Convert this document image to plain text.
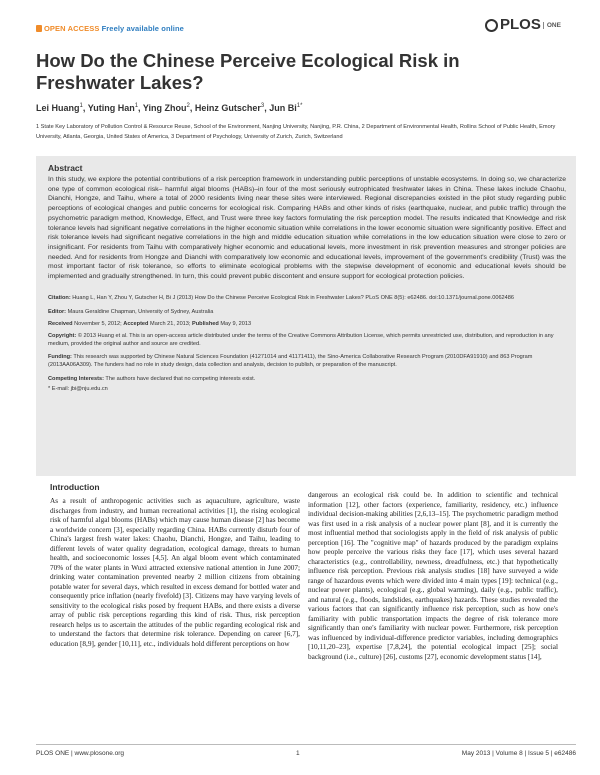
OPEN ACCESS Freely available online	PLOS ONE
How Do the Chinese Perceive Ecological Risk in Freshwater Lakes?
Lei Huang$^1$, Yuting Han$^1$, Ying Zhou$^2$, Heinz Gutscher$^3$, Jun $Bi^{1*}$
1 State Key Laboratory of Pollution Control & Resource Reuse, School of the Environment, Nanjing University, Nanjing, P.R. China, 2 Department of Environmental Health, Rollins School of Public Health, Emory University, Atlanta, Georgia, United States of America, 3 Department of Psychology, University of Zurich, Zurich, Switzerland
Abstract
In this study, we explore the potential contributions of a risk perception framework in understanding public perceptions of unstable ecosystems. In doing so, we characterize one type of common ecological risk– harmful algal blooms (HABs)–in four of the most seriously eutrophicated freshwater lakes in China. These lakes include Chaohu, Dianchi, Hongze, and Taihu, where a total of 2000 residents living near these sites were interviewed. Regional discrepancies existed in the pilot study regarding public perceptions of ecological changes and public concerns for ecological risk. Comparing HABs and other kinds of risks (earthquake, nuclear, and public traffic) through the psychometric paradigm method, Knowledge, Effect, and Trust were three key factors formulating the risk perception model. The results indicated that Knowledge and risk tolerance levels had significant negative correlations in the higher economic situation while correlations in the lower economic situation were significantly positive. Effect and risk tolerance levels had significant negative correlations in the high and middle education situation while correlations in the low education situation were close to zero or insignificant. For residents from Taihu with comparatively higher economic and educational levels, more investment in risk prevention measures and stronger policies are needed. And for residents from Hongze and Dianchi with comparatively low economic and educational levels, improvement of the government's credibility (Trust) was the most important factor of risk tolerance, so efforts to eliminate ecological problems with the stepwise development of economic and educational levels should be implemented and gradually strengthened. In turn, this could prevent public discontent and ensure support for ecological protection policies.
Citation: Huang L, Han Y, Zhou Y, Gutscher H, Bi J (2013) How Do the Chinese Perceive Ecological Risk in Freshwater Lakes? PLoS ONE 8(5): e62486. doi:10.1371/journal.pone.0062486
Editor: Maura Geraldine Chapman, University of Sydney, Australia
Received November 5, 2012; Accepted March 21, 2013; Published May 9, 2013
Copyright: © 2013 Huang et al. This is an open-access article distributed under the terms of the Creative Commons Attribution License, which permits unrestricted use, distribution, and reproduction in any medium, provided the original author and source are credited.
Funding: This research was supported by Chinese Natural Sciences Foundation (41271014 and 41171411), the Sino-America Collaborative Research Program (2010DFA91910) and 863 Program (2013AA06A309). The funders had no role in study design, data collection and analysis, decision to publish, or preparation of the manuscript.
Competing Interests: The authors have declared that no competing interests exist.
* E-mail: jbi@nju.edu.cn
Introduction
As a result of anthropogenic activities such as aquaculture, agriculture, waste discharges from industry, and human recreational activities [1], the rising ecological risk of harmful algal blooms (HABs) which may cause human disease [2] has become a worldwide concern [3], especially regarding China. HABs currently disturb four of China's largest fresh water lakes: Chaohu, Dianchi, Hongze, and Taihu, leading to different levels of water quality degradation, ecological damage, threats to human health, and socioeconomic losses [4,5]. An algal bloom event which contaminated 70% of the water plants in Wuxi attracted extensive national attention in June 2007; drinking water contamination prevented nearby 2 million citizens from obtaining potable water for several days, which resulted in excess demand for bottled water and consequently price inflation (nearly fivefold) [3]. Citizens may have varying levels of sensitivity to the ecological risks posed by frequent HABs, and there exists a diverse array of public risk perceptions regarding this kind of risk. Thus, risk perception research helps us to ascertain the attitudes of the public regarding ecological risk and to understand the factors that determine risk tolerance. Depending on career [6,7], education [8,9], gender [10,11], etc., individuals hold different perceptions on how
dangerous an ecological risk could be. In addition to scientific and technical information [12], other factors (experience, familiarity, residency, etc.) influence individual decision-making abilities [2,6,13–15]. The psychometric paradigm method was first used in a risk analysis of a nuclear power plant [8], and it is currently the most influential method that sociologists apply in the field of risk analysis of public perception [16]. The "cognitive map" of hazards produced by the paradigm explains how people perceive the various risks they face [17], which uses several hazard characteristics (e.g., controllability, newness, dreadfulness, etc.) that hypothetically influence risk perception. Previous risk analysis studies [18] have surveyed a wide range of hazardous events which were divided into 4 main types [19]: technical (e.g., nuclear power plants), ecological (e.g., global warming), daily (e.g., public traffic), and natural (e.g., floods, landslides, earthquakes) hazards. These studies revealed the various factors that can significantly influence risk perception, such as how one's familiarity with public transportation impacts the degree of risk tolerance more significantly than one's familiarity with nuclear power. Furthermore, risk perception was influenced by individual-difference predictor variables, including demographics [10,11,20–23], expertise [7,8,24], the potential ecological impact [25]; social background (i.e., culture) [26], customs [27], economic development status [14],
PLOS ONE | www.plosone.org	1	May 2013 | Volume 8 | Issue 5 | e62486
